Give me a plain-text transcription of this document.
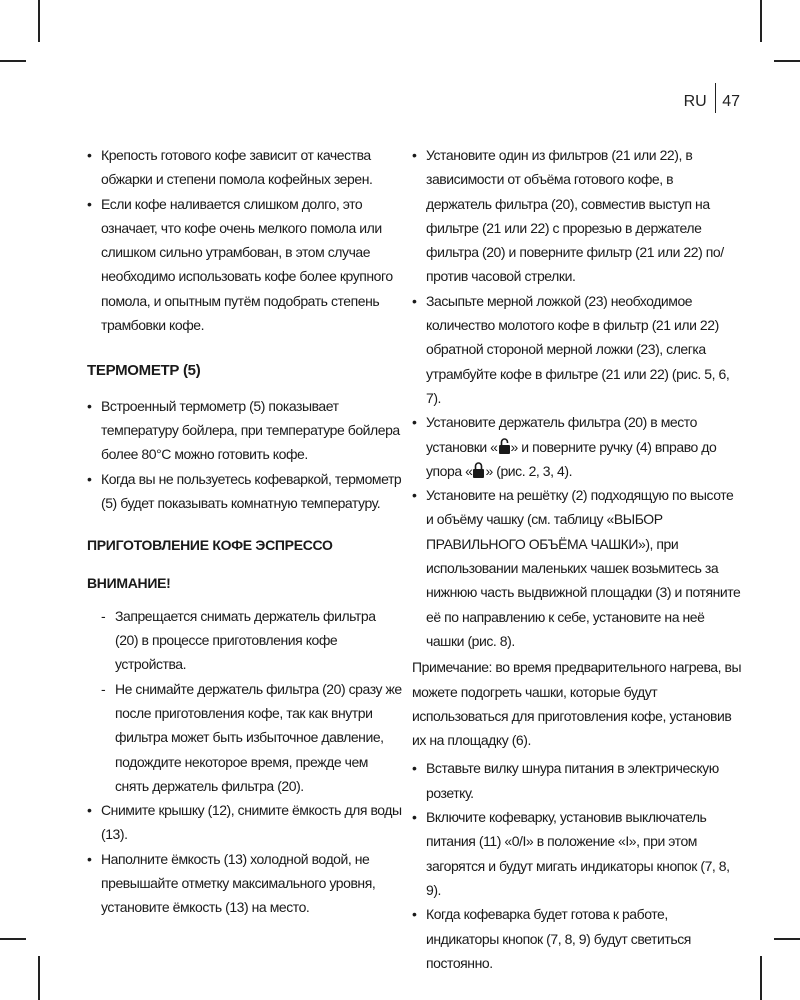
RU 47
• Крепость готового кофе зависит от качества обжарки и степени помола кофейных зерен.
• Если кофе наливается слишком долго, это означает, что кофе очень мелкого помола или слишком сильно утрамбован, в этом случае необходимо использовать кофе более крупного помола, и опытным путём подобрать степень трамбовки кофе.
ТЕРМОМЕТР (5)
• Встроенный термометр (5) показывает температуру бойлера, при температуре бойлера более 80°С можно готовить кофе.
• Когда вы не пользуетесь кофеваркой, термометр (5) будет показывать комнатную температуру.
ПРИГОТОВЛЕНИЕ КОФЕ ЭСПРЕССО
ВНИМАНИЕ!
- Запрещается снимать держатель фильтра (20) в процессе приготовления кофе устройства.
- Не снимайте держатель фильтра (20) сразу же после приготовления кофе, так как внутри фильтра может быть избыточное давление, подождите некоторое время, прежде чем снять держатель фильтра (20).
• Снимите крышку (12), снимите ёмкость для воды (13).
• Наполните ёмкость (13) холодной водой, не превышайте отметку максимального уровня, установите ёмкость (13) на место.
• Установите один из фильтров (21 или 22), в зависимости от объёма готового кофе, в держатель фильтра (20), совместив выступ на фильтре (21 или 22) с прорезью в держателе фильтра (20) и поверните фильтр (21 или 22) по/против часовой стрелки.
• Засыпьте мерной ложкой (23) необходимое количество молотого кофе в фильтр (21 или 22) обратной стороной мерной ложки (23), слегка утрамбуйте кофе в фильтре (21 или 22) (рис. 5, 6, 7).
• Установите держатель фильтра (20) в место установки « » и поверните ручку (4) вправо до упора « » (рис. 2, 3, 4).
• Установите на решётку (2) подходящую по высоте и объёму чашку (см. таблицу «ВЫБОР ПРАВИЛЬНОГО ОБЪЁМА ЧАШКИ»), при использовании маленьких чашек возьмитесь за нижнюю часть выдвижной площадки (3) и потяните её по направлению к себе, установите на неё чашки (рис. 8).

Примечание: во время предварительного нагрева, вы можете подогреть чашки, которые будут использоваться для приготовления кофе, установив их на площадку (6).

• Вставьте вилку шнура питания в электрическую розетку.
• Включите кофеварку, установив выключатель питания (11) «0/I» в положение «I», при этом загорятся и будут мигать индикаторы кнопок (7, 8, 9).
• Когда кофеварка будет готова к работе, индикаторы кнопок (7, 8, 9) будут светиться постоянно.
